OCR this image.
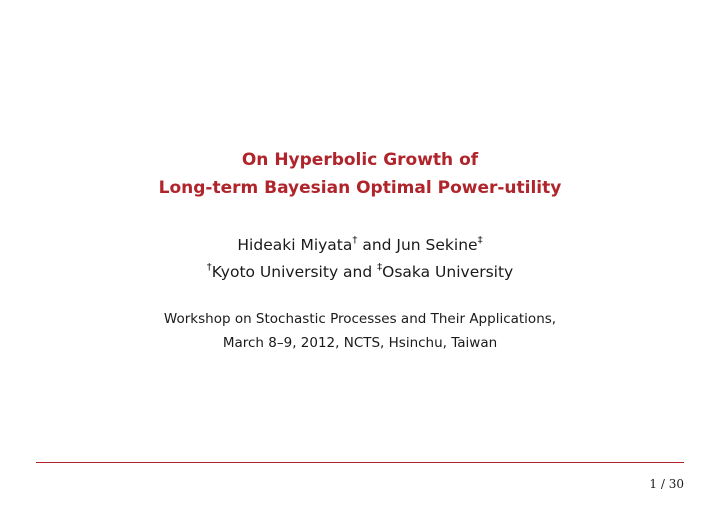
On Hyperbolic Growth of
Long-term Bayesian Optimal Power-utility
Hideaki Miyata† and Jun Sekine‡
†Kyoto University and ‡Osaka University
Workshop on Stochastic Processes and Their Applications,
March 8–9, 2012, NCTS, Hsinchu, Taiwan
1 / 30
